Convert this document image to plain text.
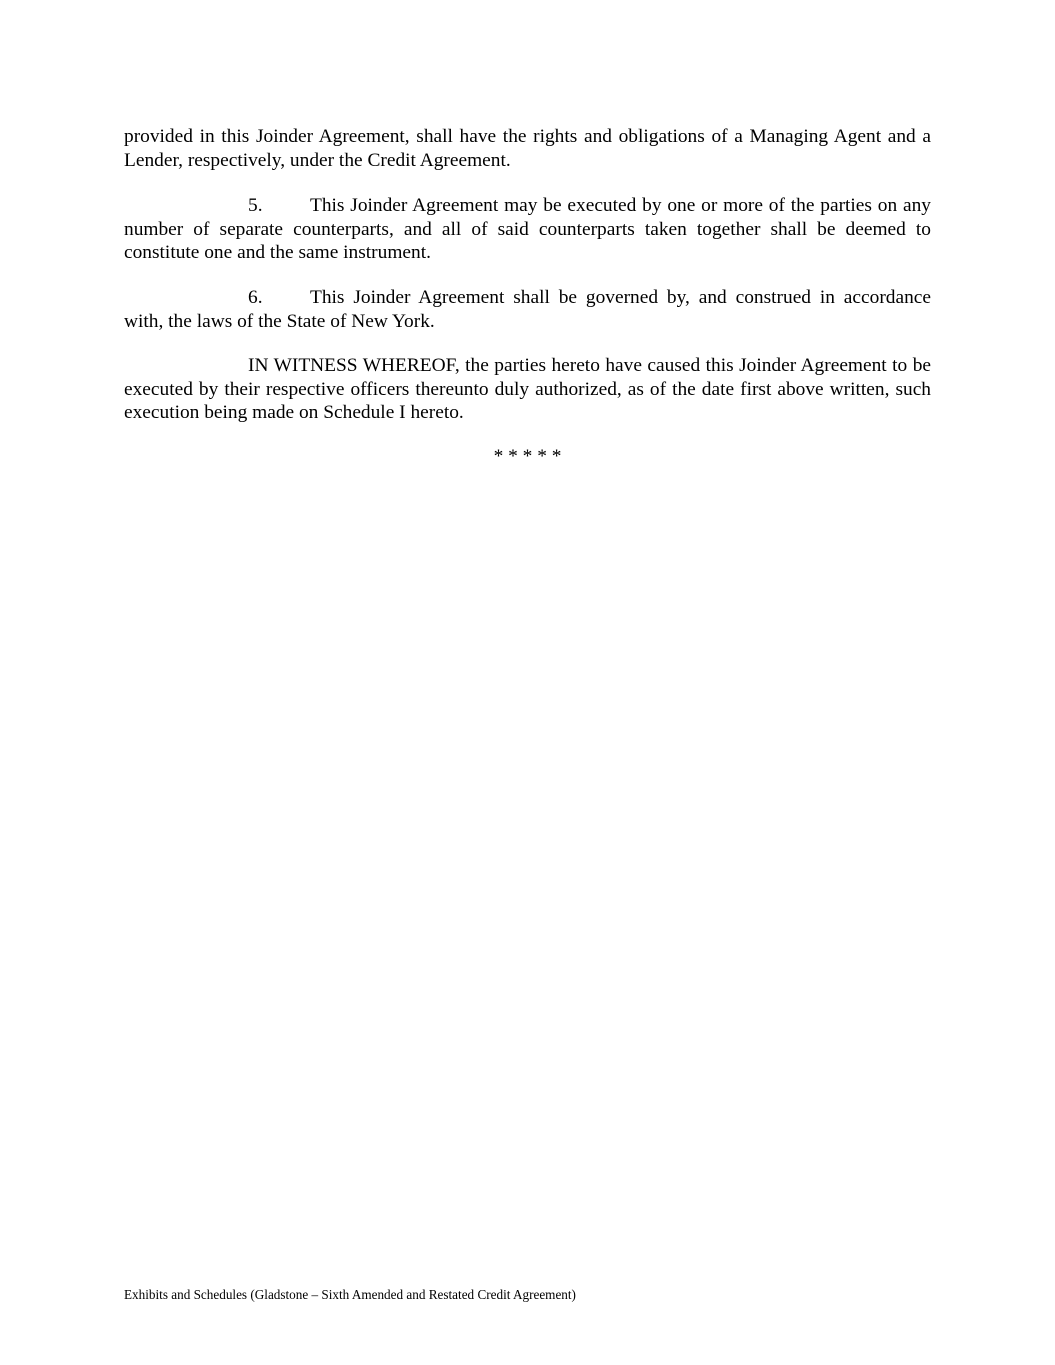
provided in this Joinder Agreement, shall have the rights and obligations of a Managing Agent and a Lender, respectively, under the Credit Agreement.

5. This Joinder Agreement may be executed by one or more of the parties on any number of separate counterparts, and all of said counterparts taken together shall be deemed to constitute one and the same instrument.

6. This Joinder Agreement shall be governed by, and construed in accordance with, the laws of the State of New York.

IN WITNESS WHEREOF, the parties hereto have caused this Joinder Agreement to be executed by their respective officers thereunto duly authorized, as of the date first above written, such execution being made on Schedule I hereto.

* * * * *

Exhibits and Schedules (Gladstone – Sixth Amended and Restated Credit Agreement)
